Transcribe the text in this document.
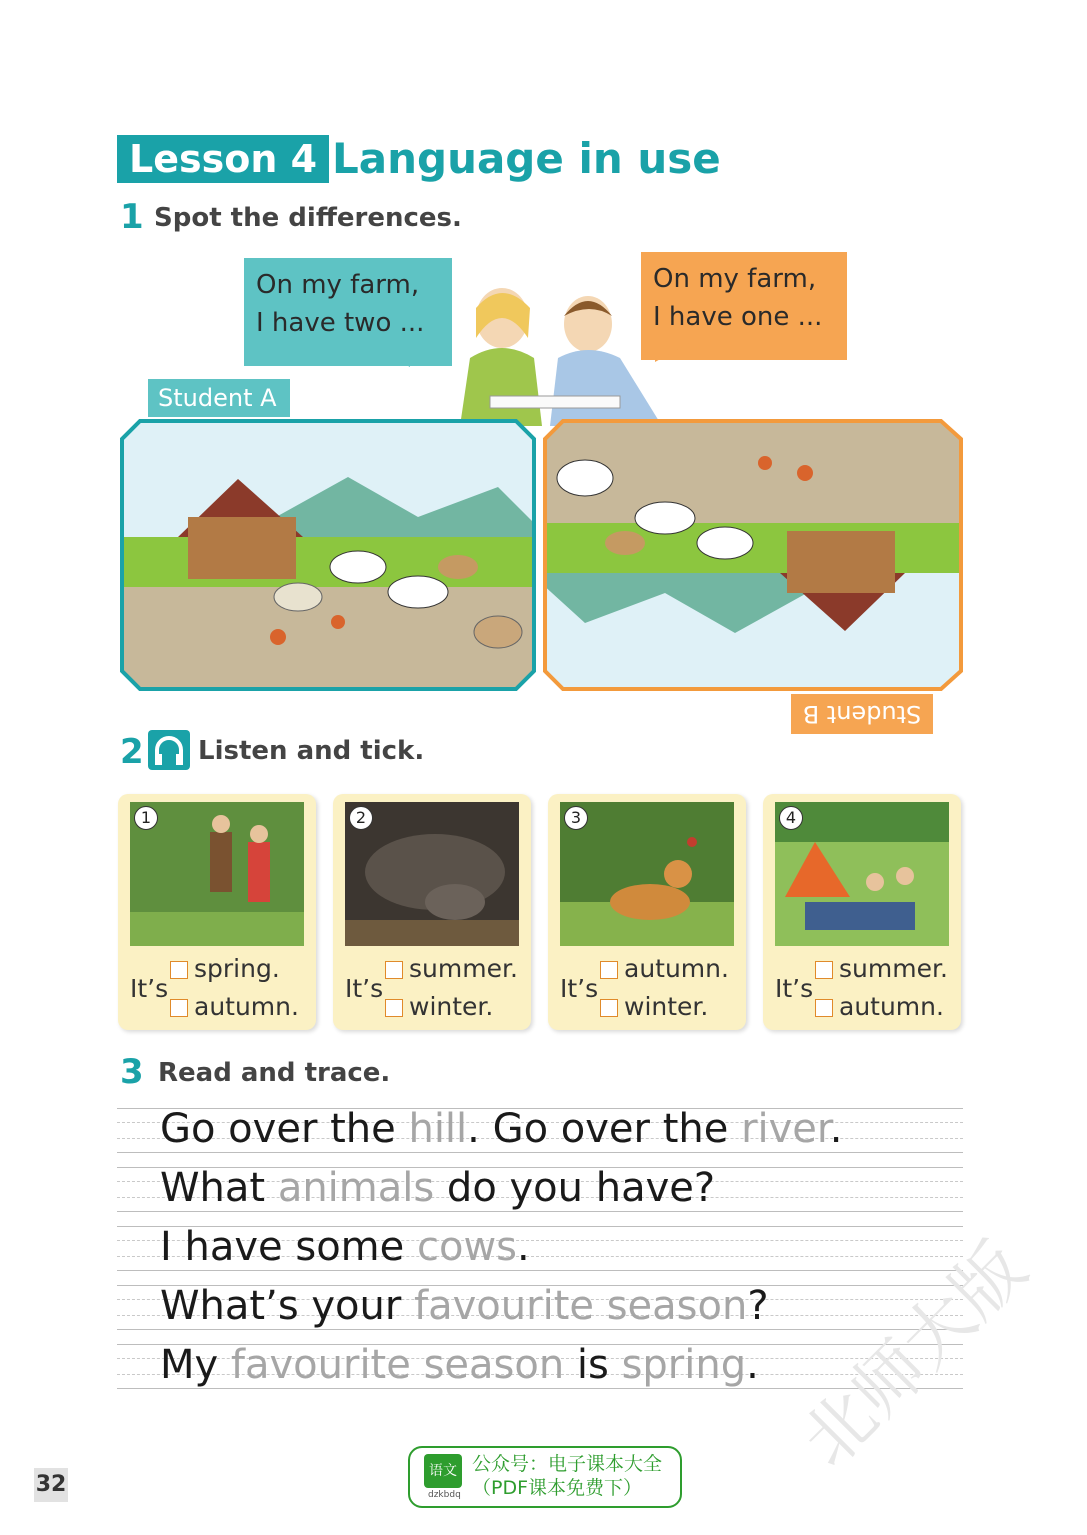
Lesson 4 Language in use
1 Spot the differences.
On my farm,
I have two ...
On my farm,
I have one ...
Student A
Student B
2 Listen and tick.
1
It’s
spring.
autumn.
2
It’s
summer.
winter.
3
It’s
autumn.
winter.
4
It’s
summer.
autumn.
3 Read and trace.
Go over the hill. Go over the river.
What animals do you have?
I have some cows.
What’s your favourite season?
My favourite season is spring. 北师大版
32
语文
dzkbdq
公众号：电子课本大全
（PDF课本免费下）
